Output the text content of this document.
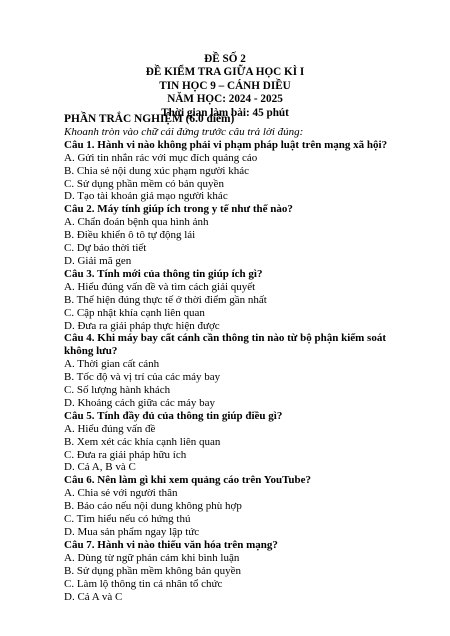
ĐỀ SỐ 2
ĐỀ KIỂM TRA GIỮA HỌC KÌ I
TIN HỌC 9 – CÁNH DIỀU
NĂM HỌC: 2024 - 2025
Thời gian làm bài: 45 phút
PHẦN TRẮC NGHIỆM (6.0 điểm)
Khoanh tròn vào chữ cái đứng trước câu trả lời đúng:
Câu 1. Hành vi nào không phải vi phạm pháp luật trên mạng xã hội?
A. Gửi tin nhắn rác với mục đích quảng cáo
B. Chia sẻ nội dung xúc phạm người khác
C. Sử dụng phần mềm có bản quyền
D. Tạo tài khoản giả mạo người khác
Câu 2. Máy tính giúp ích trong y tế như thế nào?
A. Chẩn đoán bệnh qua hình ảnh
B. Điều khiển ô tô tự động lái
C. Dự báo thời tiết
D. Giải mã gen
Câu 3. Tính mới của thông tin giúp ích gì?
A. Hiểu đúng vấn đề và tìm cách giải quyết
B. Thể hiện đúng thực tế ở thời điểm gần nhất
C. Cập nhật khía cạnh liên quan
D. Đưa ra giải pháp thực hiện được
Câu 4. Khi máy bay cất cánh cần thông tin nào từ bộ phận kiểm soát không lưu?
A. Thời gian cất cánh
B. Tốc độ và vị trí của các máy bay
C. Số lượng hành khách
D. Khoảng cách giữa các máy bay
Câu 5. Tính đầy đủ của thông tin giúp điều gì?
A. Hiểu đúng vấn đề
B. Xem xét các khía cạnh liên quan
C. Đưa ra giải pháp hữu ích
D. Cả A, B và C
Câu 6. Nên làm gì khi xem quảng cáo trên YouTube?
A. Chia sẻ với người thân
B. Báo cáo nếu nội dung không phù hợp
C. Tìm hiểu nếu có hứng thú
D. Mua sản phẩm ngay lập tức
Câu 7. Hành vi nào thiếu văn hóa trên mạng?
A. Dùng từ ngữ phản cảm khi bình luận
B. Sử dụng phần mềm không bản quyền
C. Làm lộ thông tin cá nhân tổ chức
D. Cả A và C
